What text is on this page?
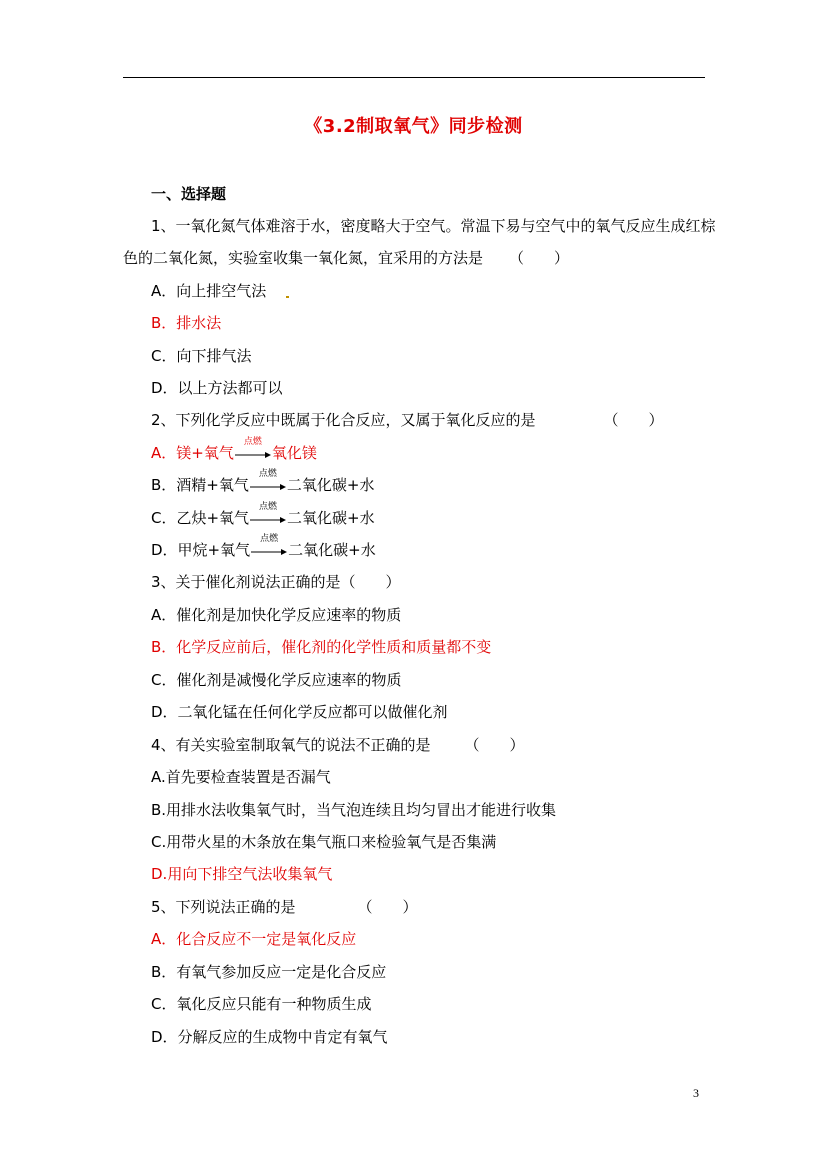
《3.2制取氧气》同步检测
一、选择题
1、一氧化氮气体难溶于水，密度略大于空气。常温下易与空气中的氧气反应生成红棕
色的二氧化氮，实验室收集一氧化氮，宜采用的方法是 （　　）
A．向上排空气法
B．排水法
C．向下排气法
D．以上方法都可以
2、下列化学反应中既属于化合反应，又属于氧化反应的是	（　　）
A．镁+氧气
点燃
氧化镁
B．酒精+氧气
点燃
二氧化碳+水
C．乙炔+氧气
点燃
二氧化碳+水
D．甲烷+氧气
点燃
二氧化碳+水
3、关于催化剂说法正确的是（　　）
A．催化剂是加快化学反应速率的物质
B．化学反应前后，催化剂的化学性质和质量都不变
C．催化剂是减慢化学反应速率的物质
D．二氧化锰在任何化学反应都可以做催化剂
4、有关实验室制取氧气的说法不正确的是 （　　）
A.首先要检查装置是否漏气
B.用排水法收集氧气时，当气泡连续且均匀冒出才能进行收集
C.用带火星的木条放在集气瓶口来检验氧气是否集满
D.用向下排空气法收集氧气
5、下列说法正确的是	（　　）
A．化合反应不一定是氧化反应
B．有氧气参加反应一定是化合反应
C．氧化反应只能有一种物质生成
D．分解反应的生成物中肯定有氧气
3
